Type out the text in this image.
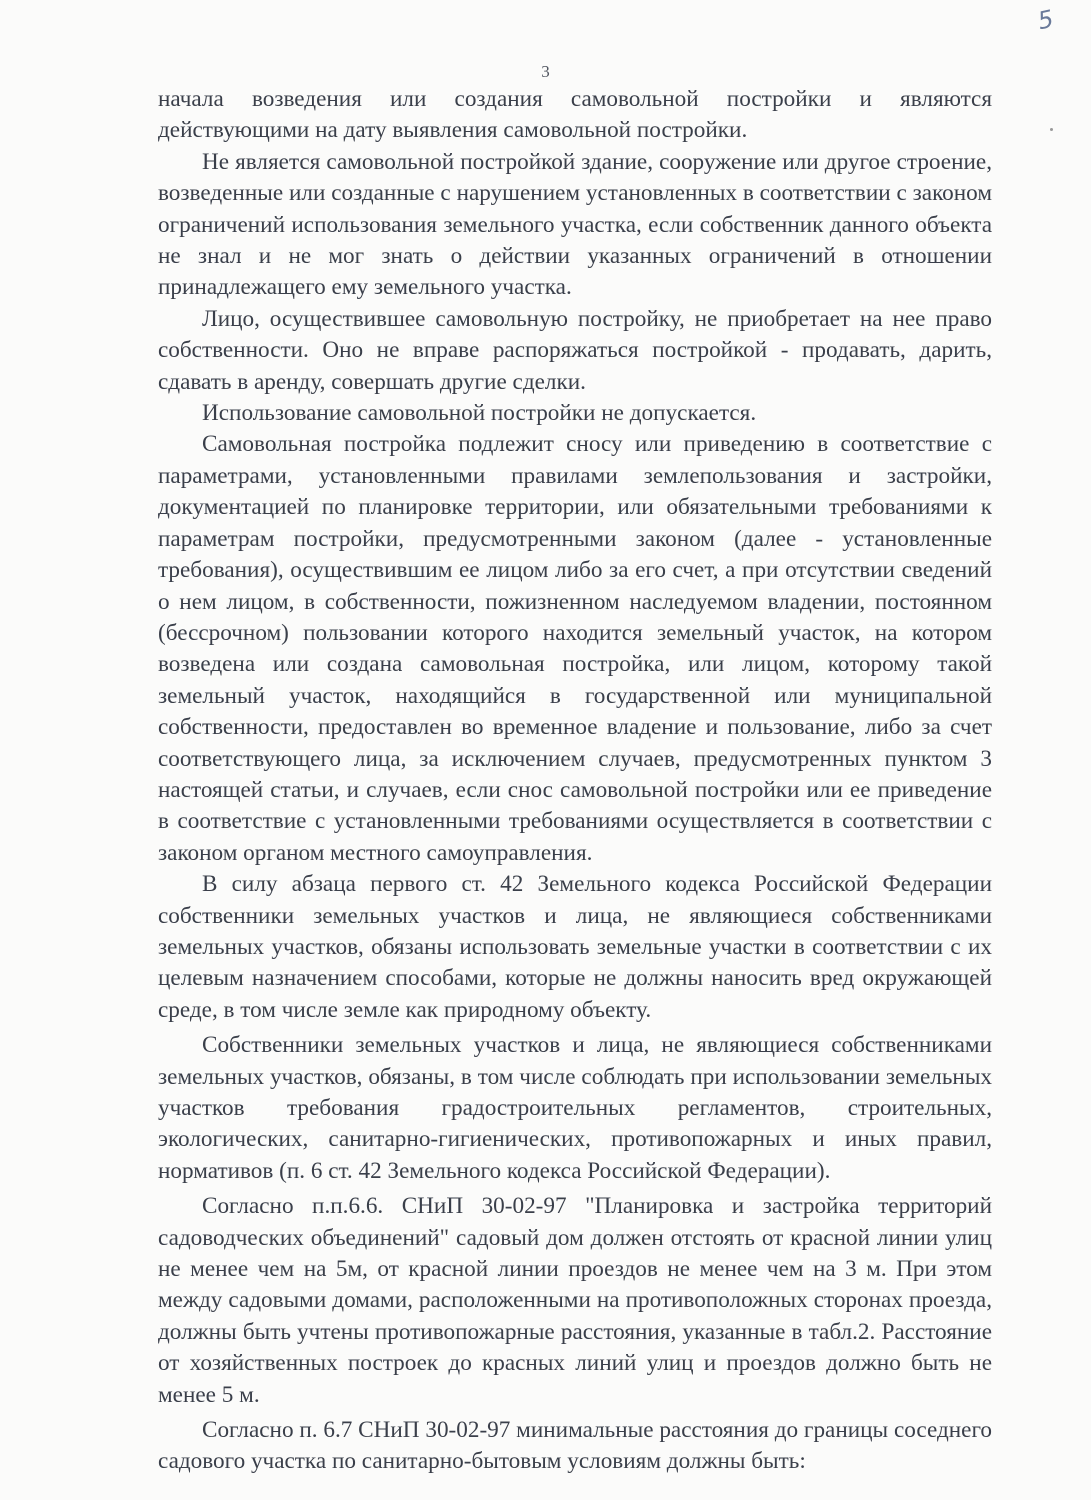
5
3

начала возведения или создания самовольной постройки и являются действующими на дату выявления самовольной постройки.

Не является самовольной постройкой здание, сооружение или другое строение, возведенные или созданные с нарушением установленных в соответствии с законом ограничений использования земельного участка, если собственник данного объекта не знал и не мог знать о действии указанных ограничений в отношении принадлежащего ему земельного участка.

Лицо, осуществившее самовольную постройку, не приобретает на нее право собственности. Оно не вправе распоряжаться постройкой - продавать, дарить, сдавать в аренду, совершать другие сделки.

Использование самовольной постройки не допускается.

Самовольная постройка подлежит сносу или приведению в соответствие с параметрами, установленными правилами землепользования и застройки, документацией по планировке территории, или обязательными требованиями к параметрам постройки, предусмотренными законом (далее - установленные требования), осуществившим ее лицом либо за его счет, а при отсутствии сведений о нем лицом, в собственности, пожизненном наследуемом владении, постоянном (бессрочном) пользовании которого находится земельный участок, на котором возведена или создана самовольная постройка, или лицом, которому такой земельный участок, находящийся в государственной или муниципальной собственности, предоставлен во временное владение и пользование, либо за счет соответствующего лица, за исключением случаев, предусмотренных пунктом 3 настоящей статьи, и случаев, если снос самовольной постройки или ее приведение в соответствие с установленными требованиями осуществляется в соответствии с законом органом местного самоуправления.

В силу абзаца первого ст. 42 Земельного кодекса Российской Федерации собственники земельных участков и лица, не являющиеся собственниками земельных участков, обязаны использовать земельные участки в соответствии с их целевым назначением способами, которые не должны наносить вред окружающей среде, в том числе земле как природному объекту.

Собственники земельных участков и лица, не являющиеся собственниками земельных участков, обязаны, в том числе соблюдать при использовании земельных участков требования градостроительных регламентов, строительных, экологических, санитарно-гигиенических, противопожарных и иных правил, нормативов (п. 6 ст. 42 Земельного кодекса Российской Федерации).

Согласно п.п.6.6. СНиП 30-02-97 "Планировка и застройка территорий садоводческих объединений" садовый дом должен отстоять от красной линии улиц не менее чем на 5м, от красной линии проездов не менее чем на 3 м. При этом между садовыми домами, расположенными на противоположных сторонах проезда, должны быть учтены противопожарные расстояния, указанные в табл.2. Расстояние от хозяйственных построек до красных линий улиц и проездов должно быть не менее 5 м.

Согласно п. 6.7 СНиП 30-02-97 минимальные расстояния до границы соседнего садового участка по санитарно-бытовым условиям должны быть:
